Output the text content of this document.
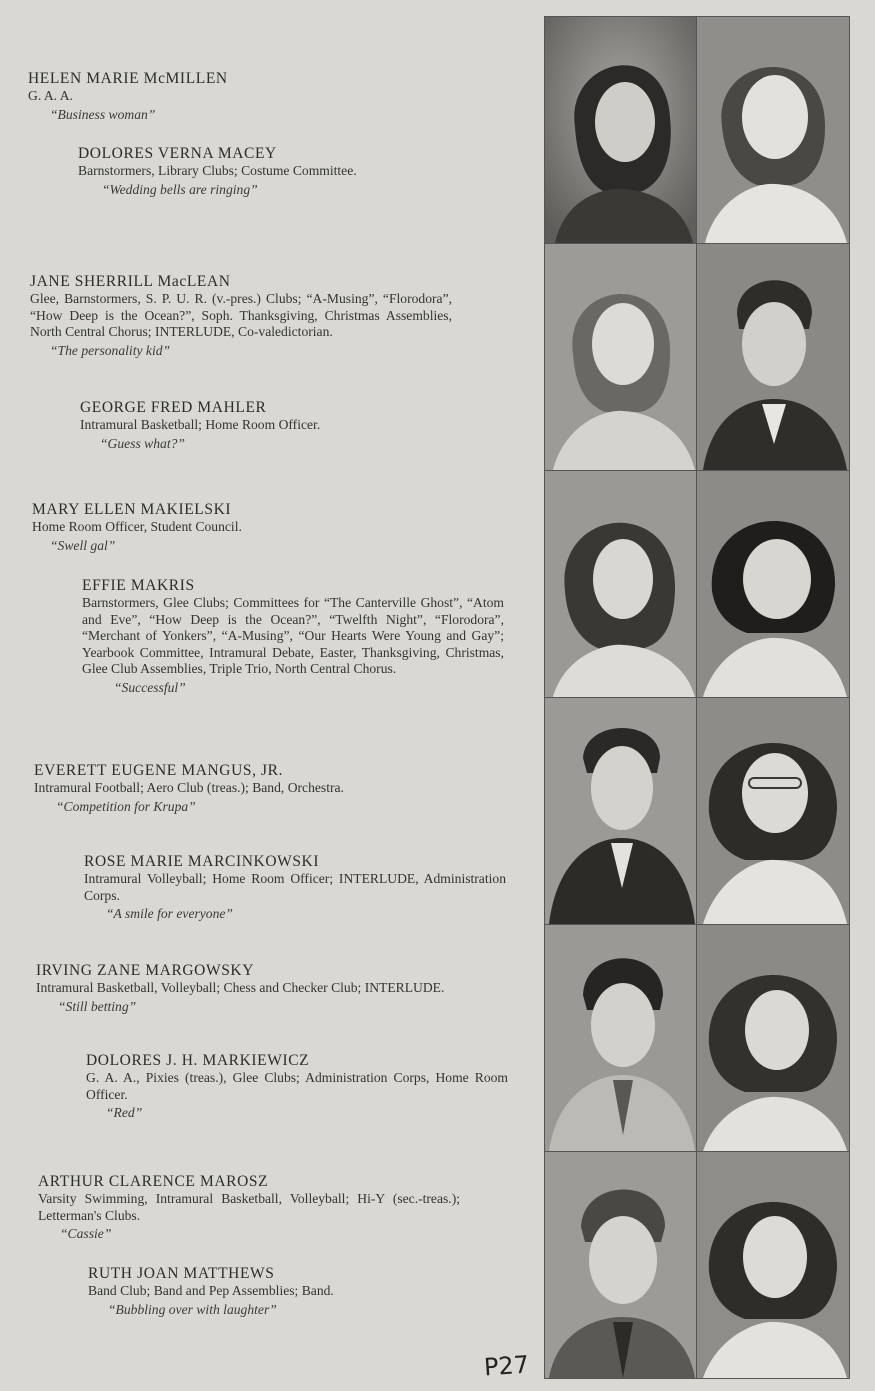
HELEN MARIE McMILLEN
G. A. A.
“Business woman”
DOLORES VERNA MACEY
Barnstormers, Library Clubs; Costume Committee.
“Wedding bells are ringing”
JANE SHERRILL MacLEAN
Glee, Barnstormers, S. P. U. R. (v.-pres.) Clubs; “A-Musing”, “Florodora”, “How Deep is the Ocean?”, Soph. Thanksgiving, Christmas Assemblies, North Central Chorus; INTERLUDE, Co-valedictorian.
“The personality kid”
GEORGE FRED MAHLER
Intramural Basketball; Home Room Officer.
“Guess what?”
MARY ELLEN MAKIELSKI
Home Room Officer, Student Council.
“Swell gal”
EFFIE MAKRIS
Barnstormers, Glee Clubs; Committees for “The Canterville Ghost”, “Atom and Eve”, “How Deep is the Ocean?”, “Twelfth Night”, “Florodora”, “Merchant of Yonkers”, “A-Musing”, “Our Hearts Were Young and Gay”; Yearbook Committee, Intramural Debate, Easter, Thanksgiving, Christmas, Glee Club Assemblies, Triple Trio, North Central Chorus.
“Successful”
EVERETT EUGENE MANGUS, JR.
Intramural Football; Aero Club (treas.); Band, Orchestra.
“Competition for Krupa”
ROSE MARIE MARCINKOWSKI
Intramural Volleyball; Home Room Officer; INTERLUDE, Administration Corps.
“A smile for everyone”
IRVING ZANE MARGOWSKY
Intramural Basketball, Volleyball; Chess and Checker Club; INTERLUDE.
“Still betting”
DOLORES J. H. MARKIEWICZ
G. A. A., Pixies (treas.), Glee Clubs; Administration Corps, Home Room Officer.
“Red”
ARTHUR CLARENCE MAROSZ
Varsity Swimming, Intramural Basketball, Volleyball; Hi-Y (sec.-treas.); Letterman's Clubs.
“Cassie”
RUTH JOAN MATTHEWS
Band Club; Band and Pep Assemblies; Band.
“Bubbling over with laughter”
P27
